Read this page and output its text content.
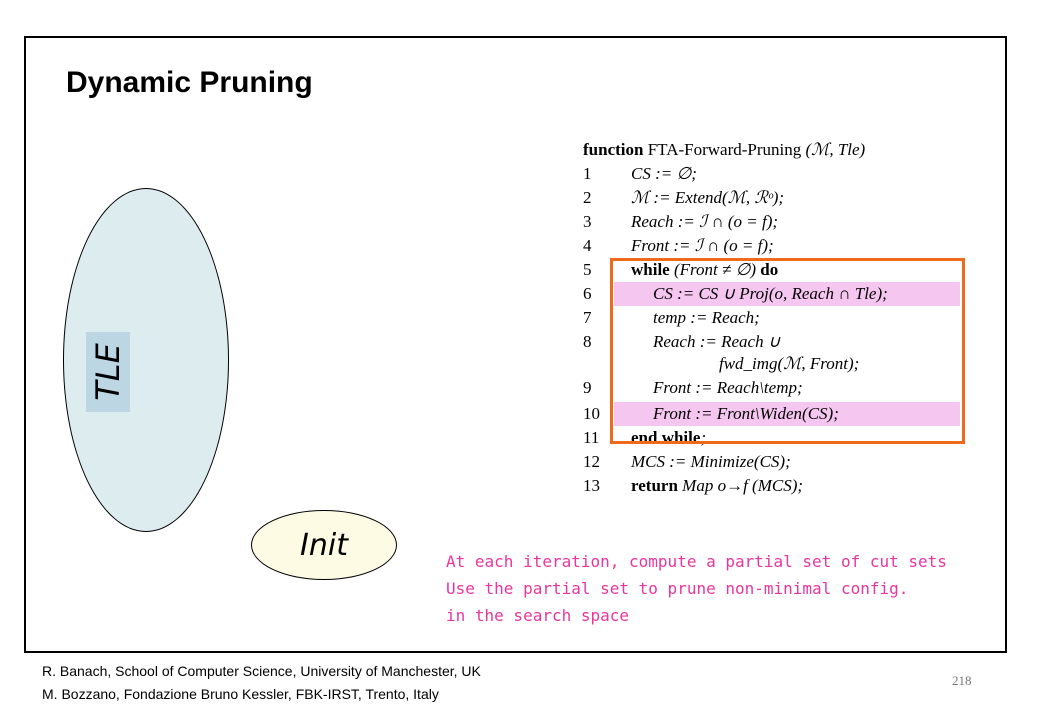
Dynamic Pruning
TLE
Init
function FTA-Forward-Pruning (ℳ, Tle)
1	CS := ∅;
2	ℳ := Extend(ℳ, ℛᵒ);
3	Reach := ℐ ∩ (o = f);
4	Front := ℐ ∩ (o = f);
5	while (Front ≠ ∅) do
6	CS := CS ∪ Proj(o, Reach ∩ Tle);
7	temp := Reach;
8	Reach := Reach ∪
fwd_img(ℳ, Front);
9	Front := Reach\temp;
10	Front := Front\Widen(CS);
11	end while;
12	MCS := Minimize(CS);
13	return Map o→f (MCS);
At each iteration, compute a partial set of cut sets
Use the partial set to prune non-minimal config.
in the search space
R. Banach, School of Computer Science, University of Manchester, UK
M. Bozzano, Fondazione Bruno Kessler, FBK-IRST, Trento, Italy
218
